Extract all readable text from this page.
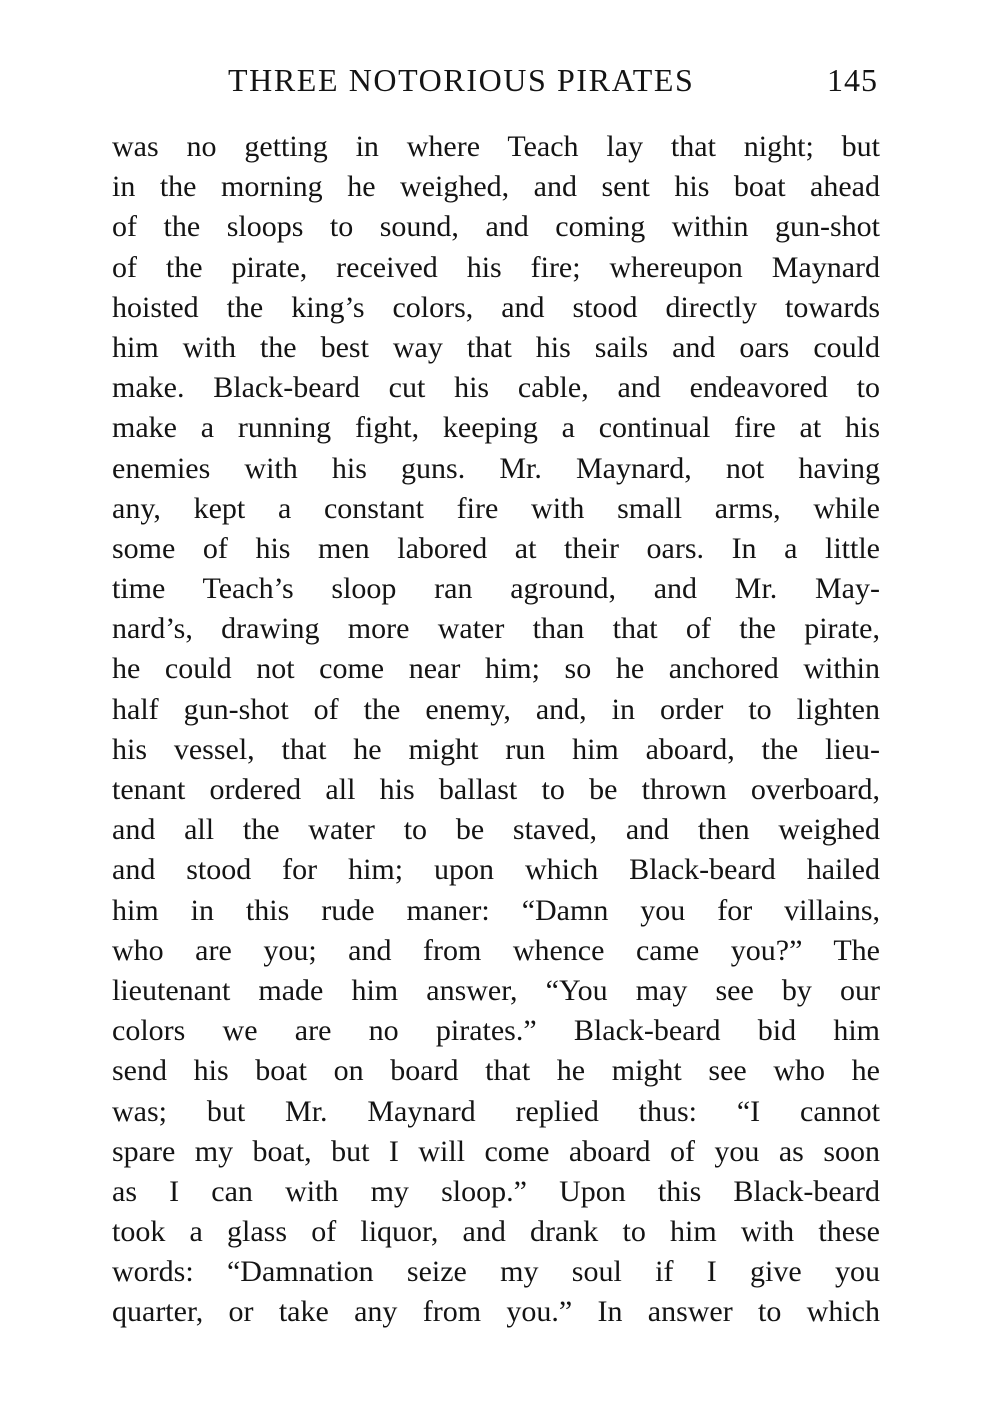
THREE NOTORIOUS PIRATES	145
was no getting in where Teach lay that night; but
in the morning he weighed, and sent his boat ahead
of the sloops to sound, and coming within gun-shot
of the pirate, received his fire; whereupon Maynard
hoisted the king’s colors, and stood directly towards
him with the best way that his sails and oars could
make. Black-beard cut his cable, and endeavored to
make a running fight, keeping a continual fire at his
enemies with his guns. Mr. Maynard, not having
any, kept a constant fire with small arms, while
some of his men labored at their oars. In a little
time Teach’s sloop ran aground, and Mr. May-
nard’s, drawing more water than that of the pirate,
he could not come near him; so he anchored within
half gun-shot of the enemy, and, in order to lighten
his vessel, that he might run him aboard, the lieu-
tenant ordered all his ballast to be thrown overboard,
and all the water to be staved, and then weighed
and stood for him; upon which Black-beard hailed
him in this rude maner: “Damn you for villains,
who are you; and from whence came you?” The
lieutenant made him answer, “You may see by our
colors we are no pirates.” Black-beard bid him
send his boat on board that he might see who he
was; but Mr. Maynard replied thus: “I cannot
spare my boat, but I will come aboard of you as soon
as I can with my sloop.” Upon this Black-beard
took a glass of liquor, and drank to him with these
words: “Damnation seize my soul if I give you
quarter, or take any from you.” In answer to which
